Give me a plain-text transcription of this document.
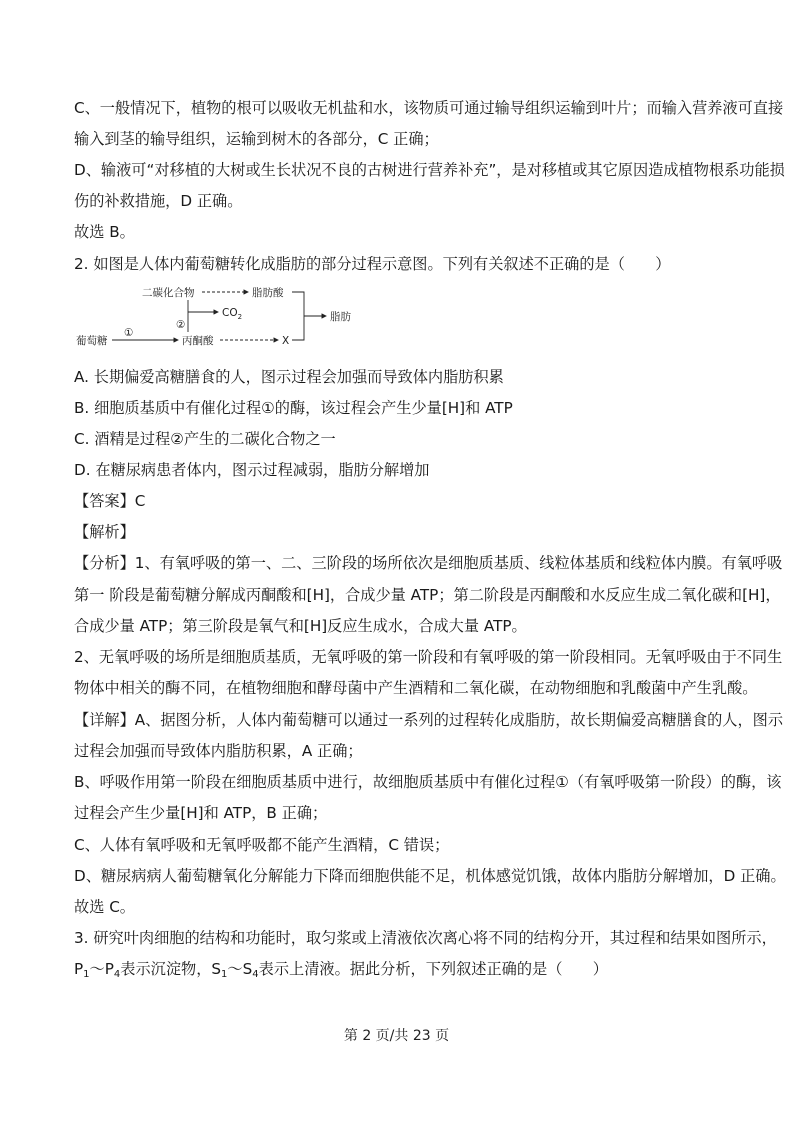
C、一般情况下，植物的根可以吸收无机盐和水，该物质可通过输导组织运输到叶片；而输入营养液可直接
输入到茎的输导组织，运输到树木的各部分，C 正确；
D、输液可“对移植的大树或生长状况不良的古树进行营养补充”，是对移植或其它原因造成植物根系功能损
伤的补救措施，D 正确。
故选 B。
2. 如图是人体内葡萄糖转化成脂肪的部分过程示意图。下列有关叙述不正确的是（　　）
葡萄糖
①
丙酮酸
②
二碳化合物	脂肪酸
$CO_2$
X
脂肪
A. 长期偏爱高糖膳食的人，图示过程会加强而导致体内脂肪积累
B. 细胞质基质中有催化过程①的酶，该过程会产生少量[H]和 ATP
C. 酒精是过程②产生的二碳化合物之一
D. 在糖尿病患者体内，图示过程减弱，脂肪分解增加
【答案】C
【解析】
【分析】1、有氧呼吸的第一、二、三阶段的场所依次是细胞质基质、线粒体基质和线粒体内膜。有氧呼吸
第一 阶段是葡萄糖分解成丙酮酸和[H]，合成少量 ATP；第二阶段是丙酮酸和水反应生成二氧化碳和[H]，
合成少量 ATP；第三阶段是氧气和[H]反应生成水，合成大量 ATP。
2、无氧呼吸的场所是细胞质基质，无氧呼吸的第一阶段和有氧呼吸的第一阶段相同。无氧呼吸由于不同生
物体中相关的酶不同，在植物细胞和酵母菌中产生酒精和二氧化碳，在动物细胞和乳酸菌中产生乳酸。
【详解】A、据图分析，人体内葡萄糖可以通过一系列的过程转化成脂肪，故长期偏爱高糖膳食的人，图示
过程会加强而导致体内脂肪积累，A 正确；
B、呼吸作用第一阶段在细胞质基质中进行，故细胞质基质中有催化过程①（有氧呼吸第一阶段）的酶，该
过程会产生少量[H]和 ATP，B 正确；
C、人体有氧呼吸和无氧呼吸都不能产生酒精，C 错误；
D、糖尿病病人葡萄糖氧化分解能力下降而细胞供能不足，机体感觉饥饿，故体内脂肪分解增加，D 正确。
故选 C。
3. 研究叶肉细胞的结构和功能时，取匀浆或上清液依次离心将不同的结构分开，其过程和结果如图所示，
$P_1\sim P_4$表示沉淀物，$S_1\sim S_4$表示上清液。据此分析，下列叙述正确的是（　　）
第 2 页/共 23 页
